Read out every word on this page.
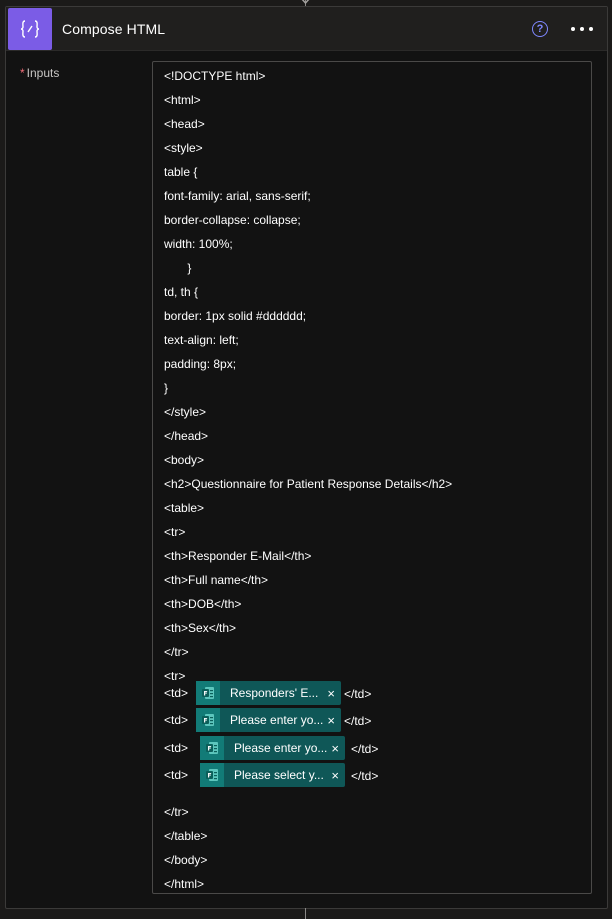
Compose HTML	?
* Inputs	<!DOCTYPE html>
<html>
<head>
<style>
table {
font-family: arial, sans-serif;
border-collapse: collapse;
width: 100%;
}
td, th {
border: 1px solid #dddddd;
text-align: left;
padding: 8px;
}
</style>
</head>
<body>
<h2>Questionnaire for Patient Response Details</h2>
<table>
<tr>
<th>Responder E-Mail</th>
<th>Full name</th>
<th>DOB</th>
<th>Sex</th>
</tr>
<tr>
<td>	F Responders' E... × </td>
<td>	F Please enter yo... × </td>
<td>	F Please enter yo... × </td>
<td>	F Please select y... × </td>
</tr>
</table>
</body>
</html>
